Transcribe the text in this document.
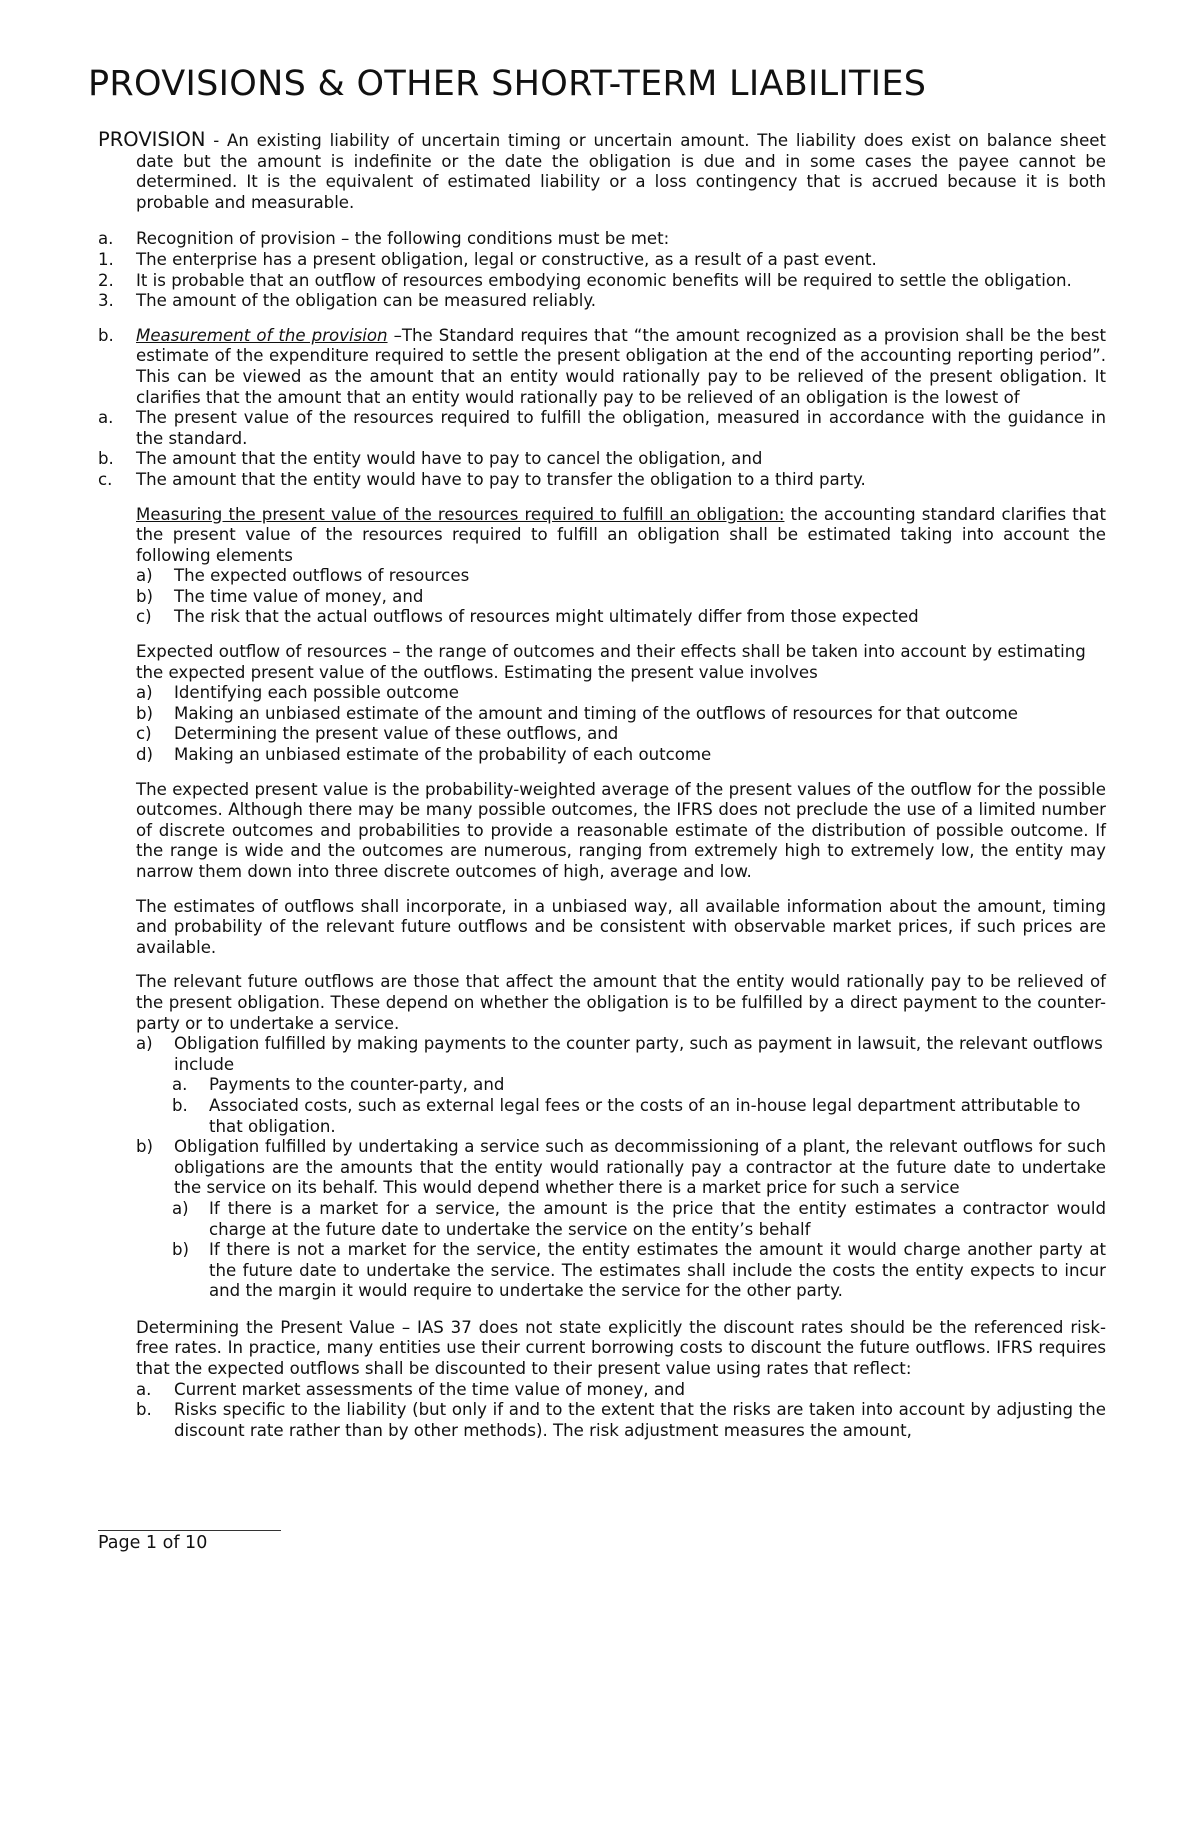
PROVISIONS & OTHER SHORT-TERM LIABILITIES

PROVISION - An existing liability of uncertain timing or uncertain amount. The liability does exist on balance sheet date but the amount is indefinite or the date the obligation is due and in some cases the payee cannot be determined. It is the equivalent of estimated liability or a loss contingency that is accrued because it is both probable and measurable.

a. Recognition of provision – the following conditions must be met:

1. The enterprise has a present obligation, legal or constructive, as a result of a past event.

2. It is probable that an outflow of resources embodying economic benefits will be required to settle the obligation.

3. The amount of the obligation can be measured reliably.

b. Measurement of the provision –The Standard requires that “the amount recognized as a provision shall be the best estimate of the expenditure required to settle the present obligation at the end of the accounting reporting period”. This can be viewed as the amount that an entity would rationally pay to be relieved of the present obligation. It clarifies that the amount that an entity would rationally pay to be relieved of an obligation is the lowest of

a. The present value of the resources required to fulfill the obligation, measured in accordance with the guidance in the standard.

b. The amount that the entity would have to pay to cancel the obligation, and

c. The amount that the entity would have to pay to transfer the obligation to a third party.

Measuring the present value of the resources required to fulfill an obligation: the accounting standard clarifies that the present value of the resources required to fulfill an obligation shall be estimated taking into account the following elements

a) The expected outflows of resources

b) The time value of money, and

c) The risk that the actual outflows of resources might ultimately differ from those expected

Expected outflow of resources – the range of outcomes and their effects shall be taken into account by estimating the expected present value of the outflows. Estimating the present value involves

a) Identifying each possible outcome

b) Making an unbiased estimate of the amount and timing of the outflows of resources for that outcome

c) Determining the present value of these outflows, and

d) Making an unbiased estimate of the probability of each outcome

The expected present value is the probability-weighted average of the present values of the outflow for the possible outcomes. Although there may be many possible outcomes, the IFRS does not preclude the use of a limited number of discrete outcomes and probabilities to provide a reasonable estimate of the distribution of possible outcome. If the range is wide and the outcomes are numerous, ranging from extremely high to extremely low, the entity may narrow them down into three discrete outcomes of high, average and low.

The estimates of outflows shall incorporate, in a unbiased way, all available information about the amount, timing and probability of the relevant future outflows and be consistent with observable market prices, if such prices are available.

The relevant future outflows are those that affect the amount that the entity would rationally pay to be relieved of the present obligation. These depend on whether the obligation is to be fulfilled by a direct payment to the counter-party or to undertake a service.

a) Obligation fulfilled by making payments to the counter party, such as payment in lawsuit, the relevant outflows include

a. Payments to the counter-party, and

b. Associated costs, such as external legal fees or the costs of an in-house legal department attributable to that obligation.

b) Obligation fulfilled by undertaking a service such as decommissioning of a plant, the relevant outflows for such obligations are the amounts that the entity would rationally pay a contractor at the future date to undertake the service on its behalf. This would depend whether there is a market price for such a service

a) If there is a market for a service, the amount is the price that the entity estimates a contractor would charge at the future date to undertake the service on the entity’s behalf

b) If there is not a market for the service, the entity estimates the amount it would charge another party at the future date to undertake the service. The estimates shall include the costs the entity expects to incur and the margin it would require to undertake the service for the other party.

Determining the Present Value – IAS 37 does not state explicitly the discount rates should be the referenced risk-free rates. In practice, many entities use their current borrowing costs to discount the future outflows. IFRS requires that the expected outflows shall be discounted to their present value using rates that reflect:

a. Current market assessments of the time value of money, and

b. Risks specific to the liability (but only if and to the extent that the risks are taken into account by adjusting the discount rate rather than by other methods). The risk adjustment measures the amount,

Page 1 of 10
